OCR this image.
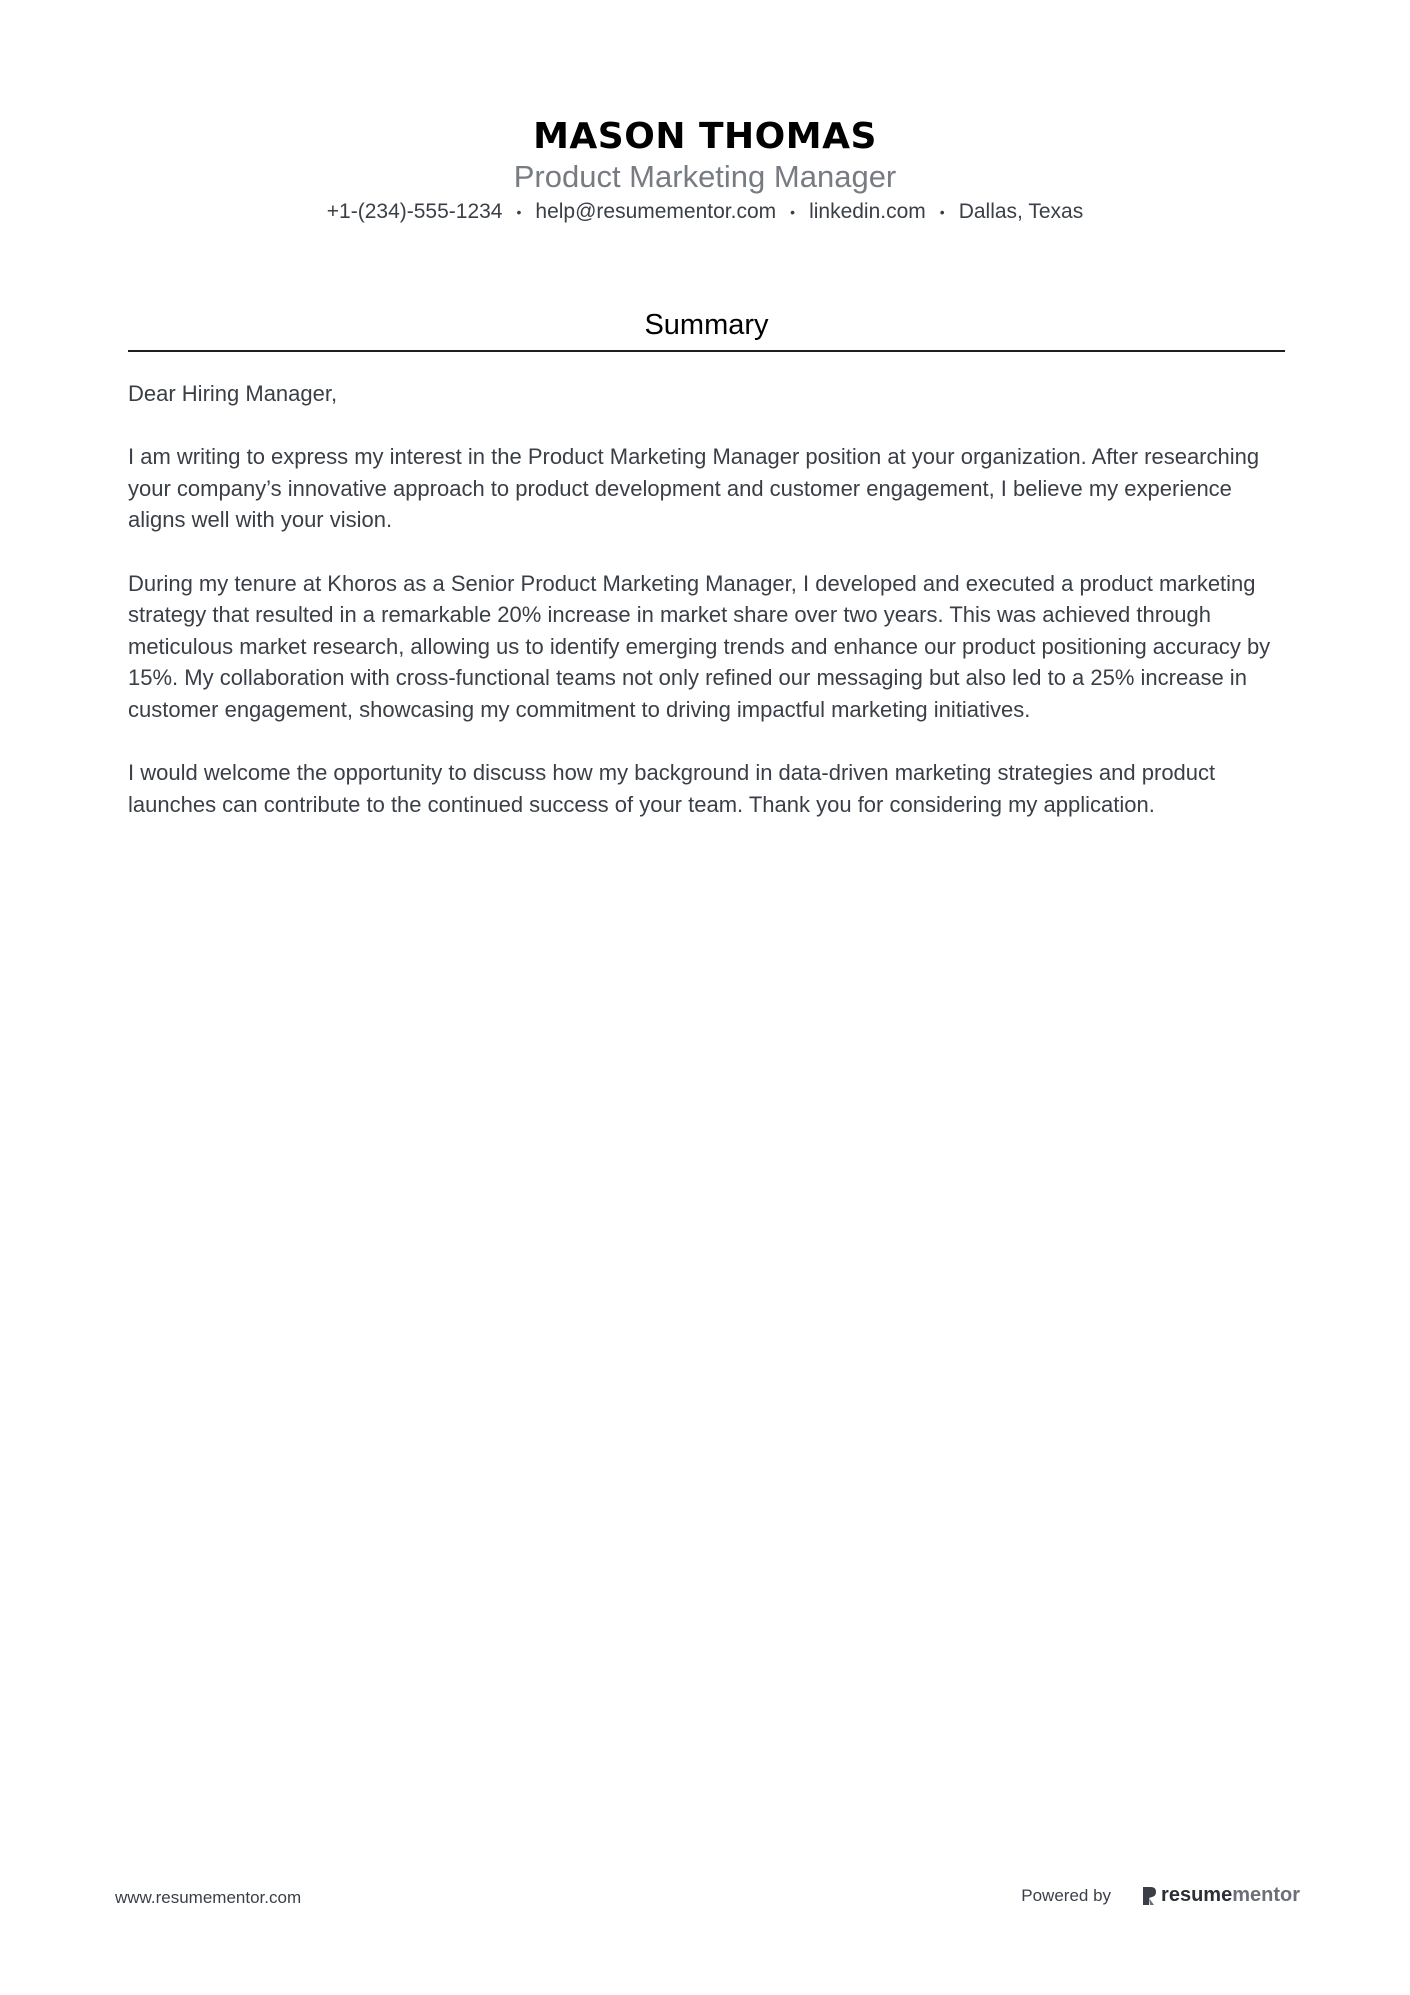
MASON THOMAS
Product Marketing Manager
+1-(234)-555-1234 • help@resumementor.com • linkedin.com • Dallas, Texas
Summary

Dear Hiring Manager,

I am writing to express my interest in the Product Marketing Manager position at your organization. After researching your company’s innovative approach to product development and customer engagement, I believe my experience aligns well with your vision.

During my tenure at Khoros as a Senior Product Marketing Manager, I developed and executed a product marketing strategy that resulted in a remarkable 20% increase in market share over two years. This was achieved through meticulous market research, allowing us to identify emerging trends and enhance our product positioning accuracy by 15%. My collaboration with cross-functional teams not only refined our messaging but also led to a 25% increase in customer engagement, showcasing my commitment to driving impactful marketing initiatives.

I would welcome the opportunity to discuss how my background in data-driven marketing strategies and product launches can contribute to the continued success of your team. Thank you for considering my application.

www.resumementor.com	Powered by	resume mentor
